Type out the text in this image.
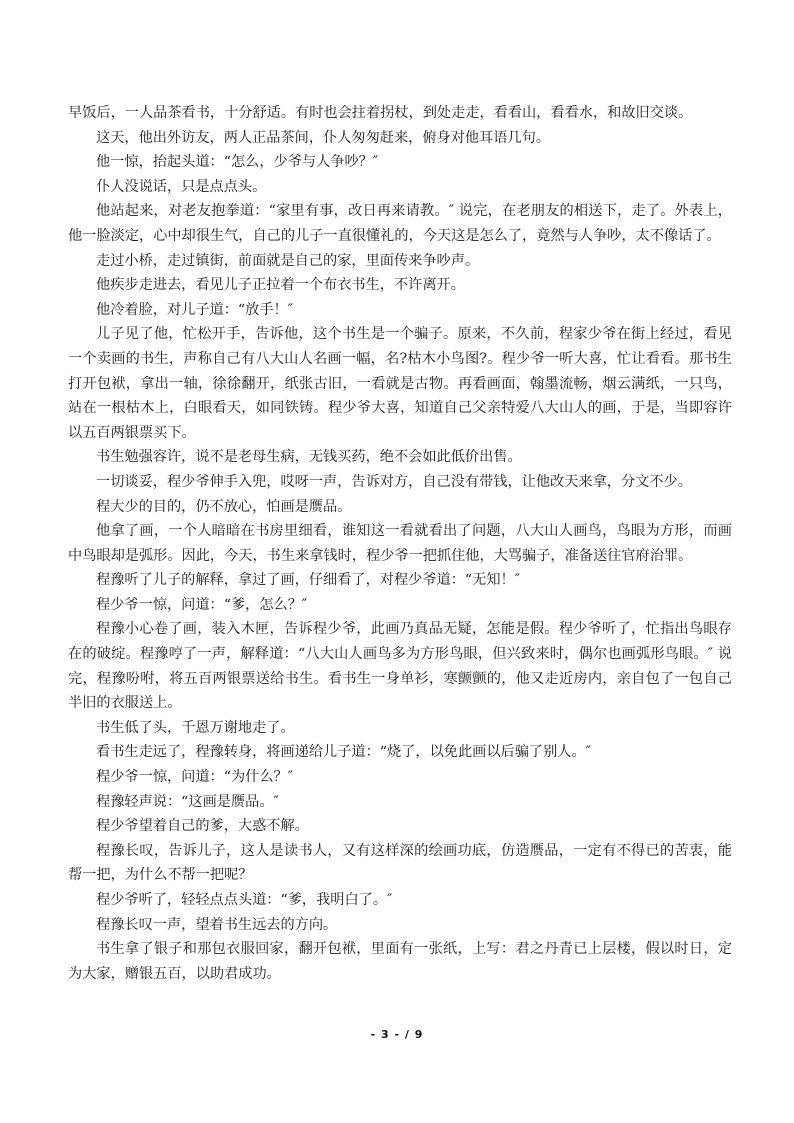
早饭后，一人品茶看书，十分舒适。有时也会拄着拐杖，到处走走，看看山，看看水，和故旧交谈。

这天，他出外访友，两人正品茶间，仆人匆匆赶来，俯身对他耳语几句。

他一惊，抬起头道：“怎么，少爷与人争吵？″

仆人没说话，只是点点头。

他站起来，对老友抱拳道：“家里有事，改日再来请教。″ 说完，在老朋友的相送下，走了。外表上，他一脸淡定，心中却很生气，自己的儿子一直很懂礼的，今天这是怎么了，竟然与人争吵，太不像话了。

走过小桥，走过镇街，前面就是自己的家，里面传来争吵声。

他疾步走进去，看见儿子正拉着一个布衣书生，不许离开。

他冷着脸，对儿子道：“放手！″

儿子见了他，忙松开手，告诉他，这个书生是一个骗子。原来，不久前，程家少爷在街上经过，看见一个卖画的书生，声称自己有八大山人名画一幅，名?枯木小鸟图?。程少爷一听大喜，忙让看看。那书生打开包袱，拿出一轴，徐徐翻开，纸张古旧，一看就是古物。再看画面，翰墨流畅，烟云满纸，一只鸟，站在一根枯木上，白眼看天，如同铁铸。程少爷大喜，知道自己父亲特爱八大山人的画，于是，当即容许以五百两银票买下。

书生勉强容许，说不是老母生病，无钱买药，绝不会如此低价出售。

一切谈妥，程少爷伸手入兜，哎呀一声，告诉对方，自己没有带钱，让他改天来拿，分文不少。

程大少的目的，仍不放心，怕画是赝品。

他拿了画，一个人暗暗在书房里细看，谁知这一看就看出了问题，八大山人画鸟，鸟眼为方形，而画中鸟眼却是弧形。因此，今天，书生来拿钱时，程少爷一把抓住他，大骂骗子，准备送往官府治罪。

程豫听了儿子的解释，拿过了画，仔细看了，对程少爷道：“无知！″

程少爷一惊，问道：“爹，怎么？″

程豫小心卷了画，装入木匣，告诉程少爷，此画乃真品无疑，怎能是假。程少爷听了，忙指出鸟眼存在的破绽。程豫哼了一声，解释道：“八大山人画鸟多为方形鸟眼，但兴致来时，偶尔也画弧形鸟眼。″ 说完，程豫吩咐，将五百两银票送给书生。看书生一身单衫，寒颤颤的，他又走近房内，亲自包了一包自己半旧的衣服送上。

书生低了头，千恩万谢地走了。

看书生走远了，程豫转身，将画递给儿子道：“烧了，以免此画以后骗了别人。″

程少爷一惊，问道：“为什么？″

程豫轻声说：“这画是赝品。″

程少爷望着自己的爹，大惑不解。

程豫长叹，告诉儿子，这人是读书人，又有这样深的绘画功底，仿造赝品，一定有不得已的苦衷，能帮一把，为什么不帮一把呢？

程少爷听了，轻轻点点头道：“爹，我明白了。″

程豫长叹一声，望着书生远去的方向。

书生拿了银子和那包衣服回家，翻开包袱，里面有一张纸，上写：君之丹青已上层楼，假以时日，定为大家，赠银五百，以助君成功。

- 3 - / 9
